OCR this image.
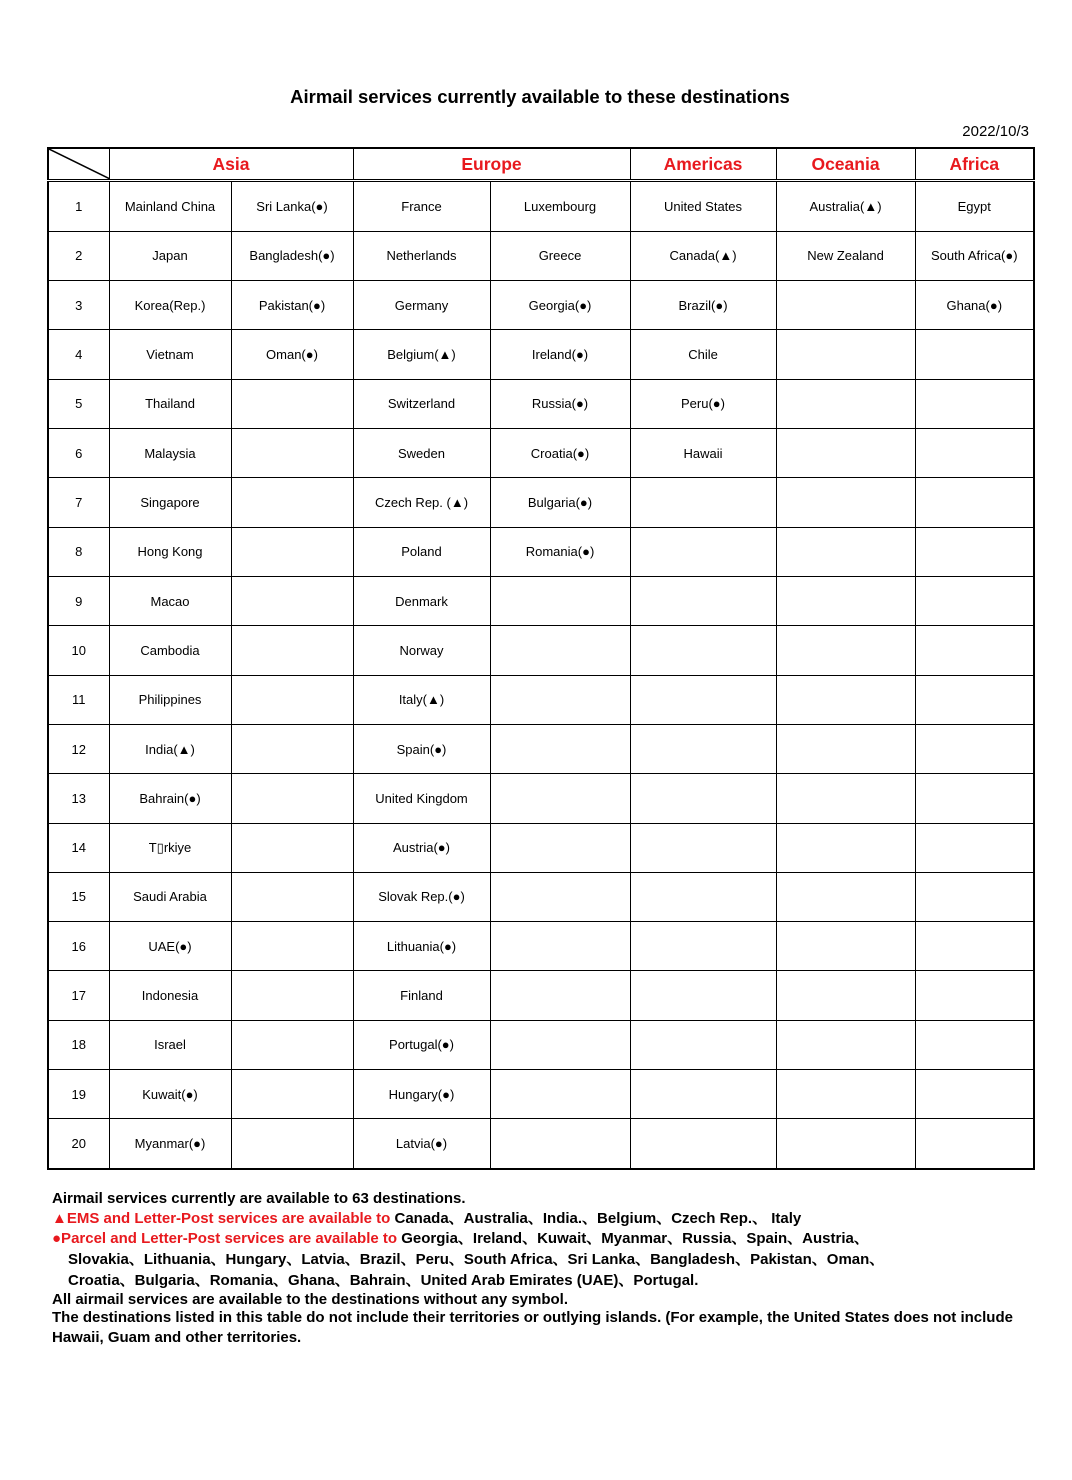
Airmail services currently available to these destinations
2022/10/3
	Asia		Europe		Americas	Oceania	Africa
1	Mainland China	Sri Lanka(●)	France	Luxembourg	United States	Australia(▲)	Egypt
2	Japan	Bangladesh(●)	Netherlands	Greece	Canada(▲)	New Zealand	South Africa(●)
3	Korea(Rep.)	Pakistan(●)	Germany	Georgia(●)	Brazil(●)		Ghana(●)
4	Vietnam	Oman(●)	Belgium(▲)	Ireland(●)	Chile		
5	Thailand		Switzerland	Russia(●)	Peru(●)		
6	Malaysia		Sweden	Croatia(●)	Hawaii		
7	Singapore		Czech Rep. (▲)	Bulgaria(●)			
8	Hong Kong		Poland	Romania(●)			
9	Macao		Denmark				
10	Cambodia		Norway				
11	Philippines		Italy(▲)				
12	India(▲)		Spain(●)				
13	Bahrain(●)		United Kingdom				
14	T▯rkiye		Austria(●)				
15	Saudi Arabia		Slovak Rep.(●)				
16	UAE(●)		Lithuania(●)				
17	Indonesia		Finland				
18	Israel		Portugal(●)				
19	Kuwait(●)		Hungary(●)				
20	Myanmar(●)		Latvia(●)				

Airmail services currently are available to 63 destinations.

▲EMS and Letter-Post services are available to Canada、Australia、India.、Belgium、Czech Rep.、 Italy

●Parcel and Letter-Post services are available to Georgia、Ireland、Kuwait、Myanmar、Russia、Spain、Austria、
Slovakia、Lithuania、Hungary、Latvia、Brazil、Peru、South Africa、Sri Lanka、Bangladesh、Pakistan、Oman、
Croatia、Bulgaria、Romania、Ghana、Bahrain、United Arab Emirates (UAE)、Portugal.

All airmail services are available to the destinations without any symbol.

The destinations listed in this table do not include their territories or outlying islands. (For example, the United States does not include Hawaii, Guam and other territories.
